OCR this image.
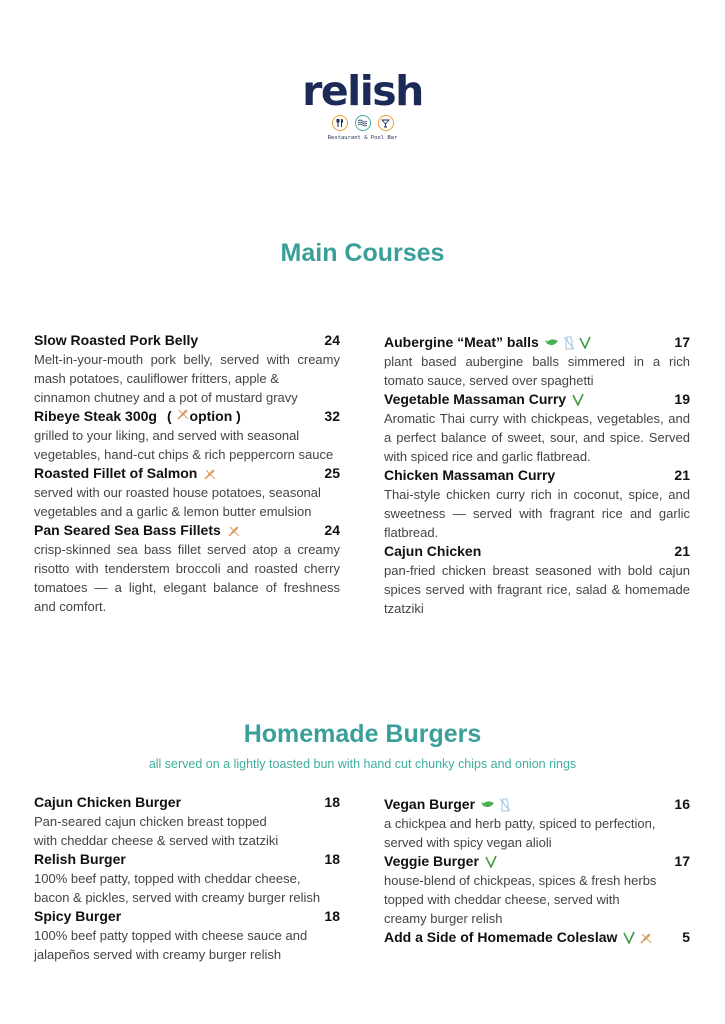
relish
Restaurant & Pool Bar
Main Courses
Slow Roasted Pork Belly	24
Melt-in-your-mouth pork belly, served with creamy
mash potatoes, cauliflower fritters, apple &
cinnamon chutney and a pot of mustard gravy
Ribeye Steak 300g ( option )	32
grilled to your liking, and served with seasonal
vegetables, hand-cut chips & rich peppercorn sauce
Roasted Fillet of Salmon	25
served with our roasted house potatoes, seasonal
vegetables and a garlic & lemon butter emulsion
Pan Seared Sea Bass Fillets	24
crisp-skinned sea bass fillet served atop a creamy
risotto with tenderstem broccoli and roasted cherry
tomatoes — a light, elegant balance of freshness
and comfort.
Aubergine “Meat” balls	17
plant based aubergine balls simmered in a rich
tomato sauce, served over spaghetti
Vegetable Massaman Curry	19
Aromatic Thai curry with chickpeas, vegetables, and
a perfect balance of sweet, sour, and spice. Served
with spiced rice and garlic flatbread.
Chicken Massaman Curry	21
Thai-style chicken curry rich in coconut, spice, and
sweetness — served with fragrant rice and garlic
flatbread.
Cajun Chicken	21
pan-fried chicken breast seasoned with bold cajun
spices served with fragrant rice, salad & homemade
tzatziki
Homemade Burgers
all served on a lightly toasted bun with hand cut chunky chips and onion rings
Cajun Chicken Burger	18
Pan-seared cajun chicken breast topped
with cheddar cheese & served with tzatziki
Relish Burger	18
100% beef patty, topped with cheddar cheese,
bacon & pickles, served with creamy burger relish
Spicy Burger	18
100% beef patty topped with cheese sauce and
jalapeños served with creamy burger relish
Vegan Burger	16
a chickpea and herb patty, spiced to perfection,
served with spicy vegan alioli
Veggie Burger	17
house-blend of chickpeas, spices & fresh herbs
topped with cheddar cheese, served with
creamy burger relish
Add a Side of Homemade Coleslaw	5
